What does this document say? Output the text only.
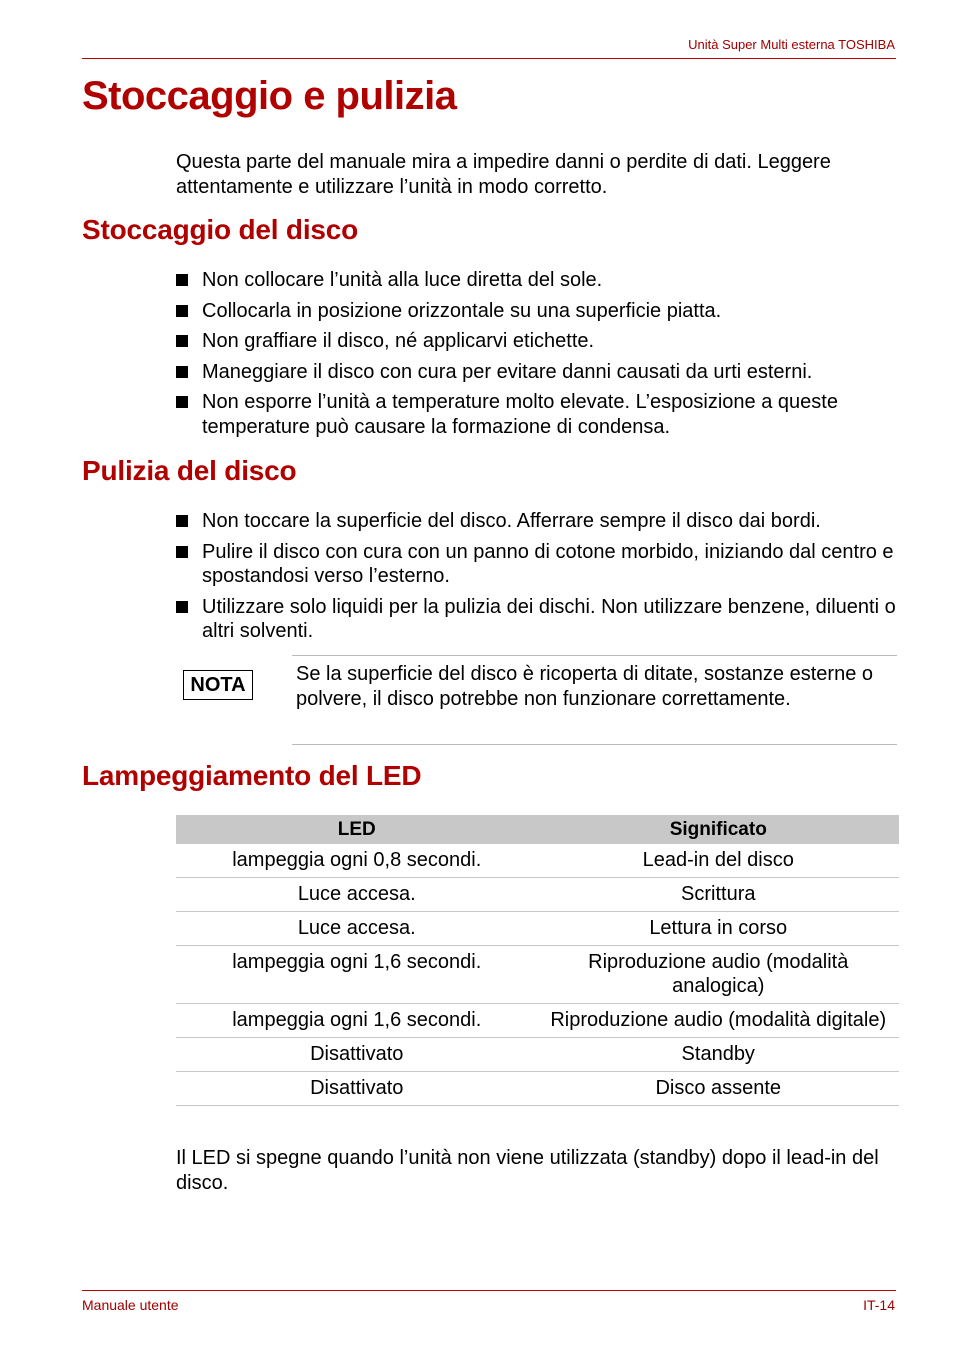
Unità Super Multi esterna TOSHIBA
Stoccaggio e pulizia

Questa parte del manuale mira a impedire danni o perdite di dati. Leggere attentamente e utilizzare l’unità in modo corretto.

Stoccaggio del disco
Non collocare l’unità alla luce diretta del sole.
Collocarla in posizione orizzontale su una superficie piatta.
Non graffiare il disco, né applicarvi etichette.
Maneggiare il disco con cura per evitare danni causati da urti esterni.
Non esporre l’unità a temperature molto elevate. L’esposizione a queste temperature può causare la formazione di condensa.
Pulizia del disco
Non toccare la superficie del disco. Afferrare sempre il disco dai bordi.
Pulire il disco con cura con un panno di cotone morbido, iniziando dal centro e spostandosi verso l’esterno.
Utilizzare solo liquidi per la pulizia dei dischi. Non utilizzare benzene, diluenti o altri solventi.
NOTA	Se la superficie del disco è ricoperta di ditate, sostanze esterne o polvere, il disco potrebbe non funzionare correttamente.

Lampeggiamento del LED
LED	Significato
lampeggia ogni 0,8 secondi.	Lead-in del disco
Luce accesa.	Scrittura
Luce accesa.	Lettura in corso
lampeggia ogni 1,6 secondi.	Riproduzione audio (modalità analogica)
lampeggia ogni 1,6 secondi.	Riproduzione audio (modalità digitale)
Disattivato	Standby
Disattivato	Disco assente

Il LED si spegne quando l’unità non viene utilizzata (standby) dopo il lead-in del disco.

Manuale utente	IT-14
